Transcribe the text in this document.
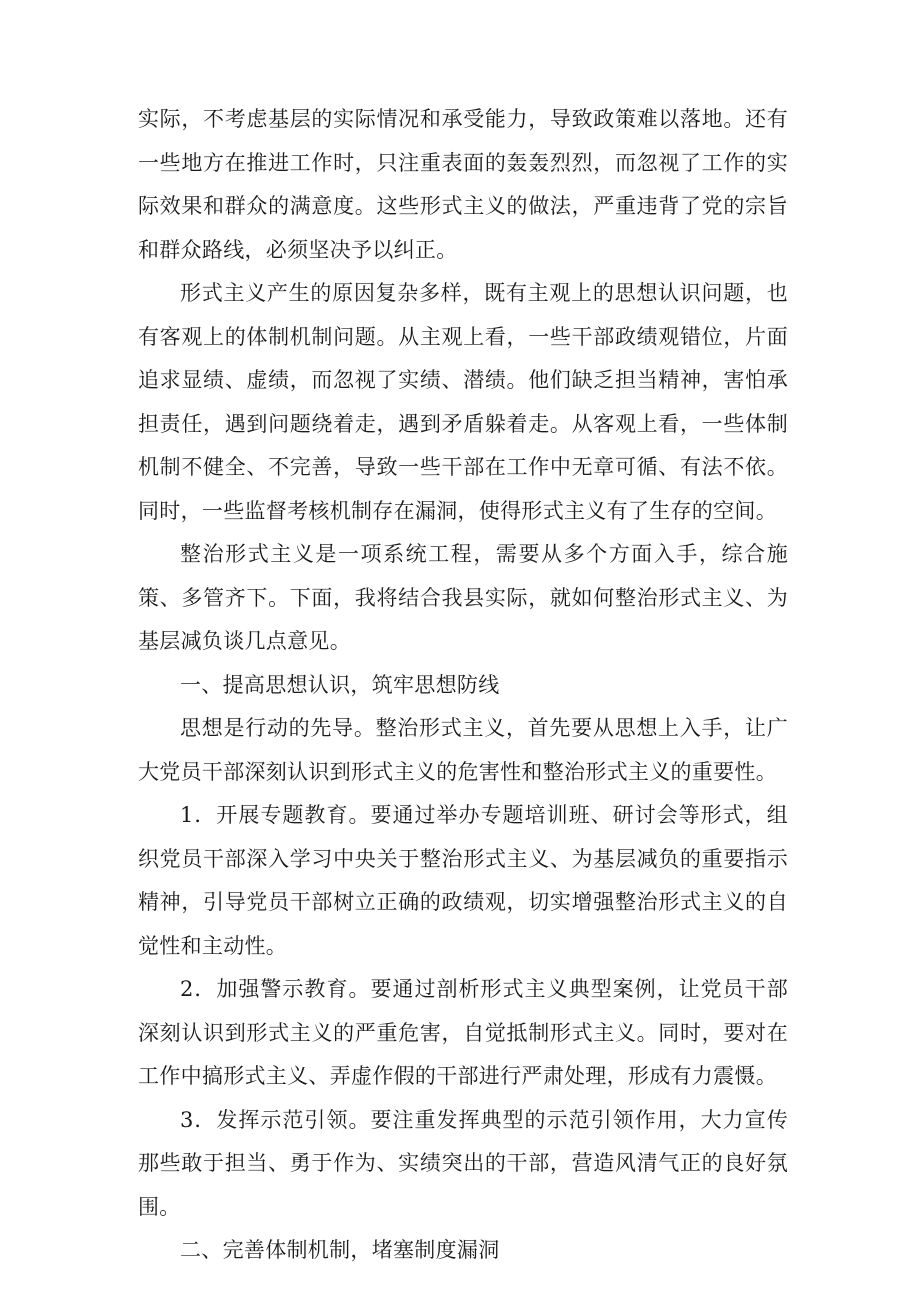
实际，不考虑基层的实际情况和承受能力，导致政策难以落地。还有一些地方在推进工作时，只注重表面的轰轰烈烈，而忽视了工作的实际效果和群众的满意度。这些形式主义的做法，严重违背了党的宗旨和群众路线，必须坚决予以纠正。

形式主义产生的原因复杂多样，既有主观上的思想认识问题，也有客观上的体制机制问题。从主观上看，一些干部政绩观错位，片面追求显绩、虚绩，而忽视了实绩、潜绩。他们缺乏担当精神，害怕承担责任，遇到问题绕着走，遇到矛盾躲着走。从客观上看，一些体制机制不健全、不完善，导致一些干部在工作中无章可循、有法不依。同时，一些监督考核机制存在漏洞，使得形式主义有了生存的空间。

整治形式主义是一项系统工程，需要从多个方面入手，综合施策、多管齐下。下面，我将结合我县实际，就如何整治形式主义、为基层减负谈几点意见。

一、提高思想认识，筑牢思想防线

思想是行动的先导。整治形式主义，首先要从思想上入手，让广大党员干部深刻认识到形式主义的危害性和整治形式主义的重要性。

1．开展专题教育。要通过举办专题培训班、研讨会等形式，组织党员干部深入学习中央关于整治形式主义、为基层减负的重要指示精神，引导党员干部树立正确的政绩观，切实增强整治形式主义的自觉性和主动性。

2．加强警示教育。要通过剖析形式主义典型案例，让党员干部深刻认识到形式主义的严重危害，自觉抵制形式主义。同时，要对在工作中搞形式主义、弄虚作假的干部进行严肃处理，形成有力震慑。

3．发挥示范引领。要注重发挥典型的示范引领作用，大力宣传那些敢于担当、勇于作为、实绩突出的干部，营造风清气正的良好氛围。

二、完善体制机制，堵塞制度漏洞
